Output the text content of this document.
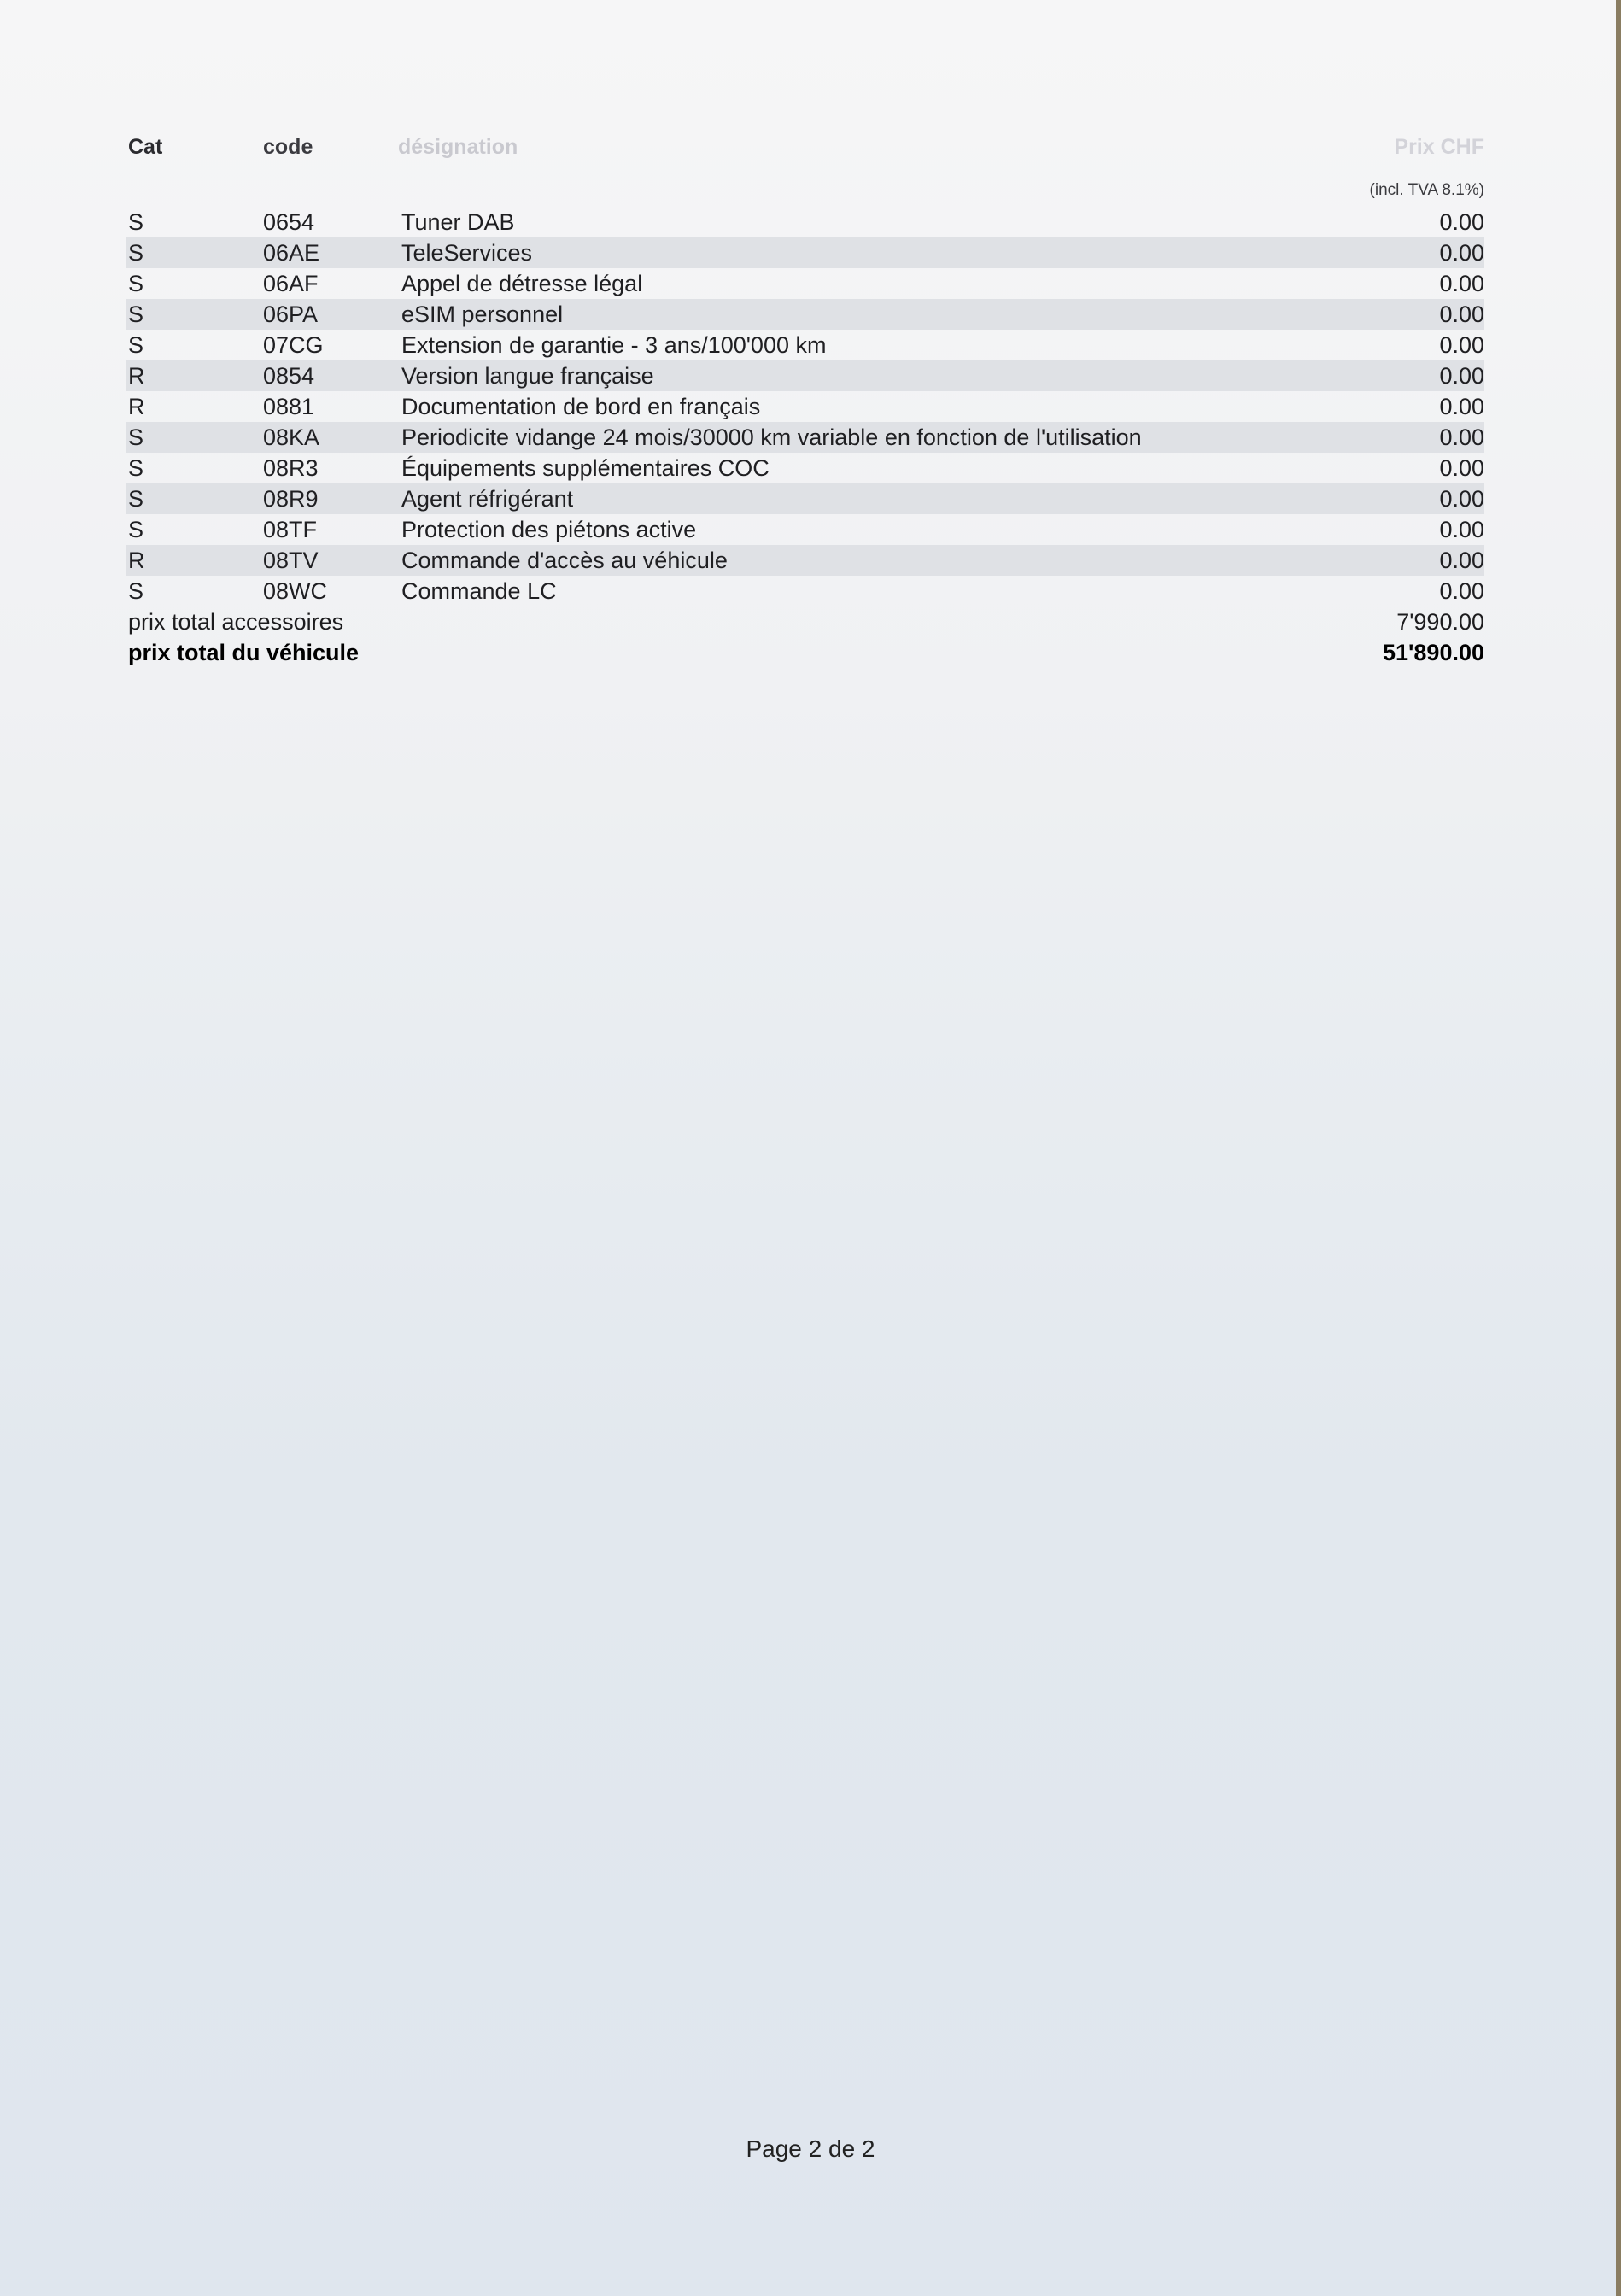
Cat	code	désignation	Prix CHF
(incl. TVA 8.1%)
S	0654	Tuner DAB	0.00
S	06AE	TeleServices	0.00
S	06AF	Appel de détresse légal	0.00
S	06PA	eSIM personnel	0.00
S	07CG	Extension de garantie - 3 ans/100'000 km	0.00
R	0854	Version langue française	0.00
R	0881	Documentation de bord en français	0.00
S	08KA	Periodicite vidange 24 mois/30000 km variable en fonction de l'utilisation	0.00
S	08R3	Équipements supplémentaires COC	0.00
S	08R9	Agent réfrigérant	0.00
S	08TF	Protection des piétons active	0.00
R	08TV	Commande d'accès au véhicule	0.00
S	08WC	Commande LC	0.00
prix total accessoires	7'990.00
prix total du véhicule	51'890.00
Page 2 de 2
